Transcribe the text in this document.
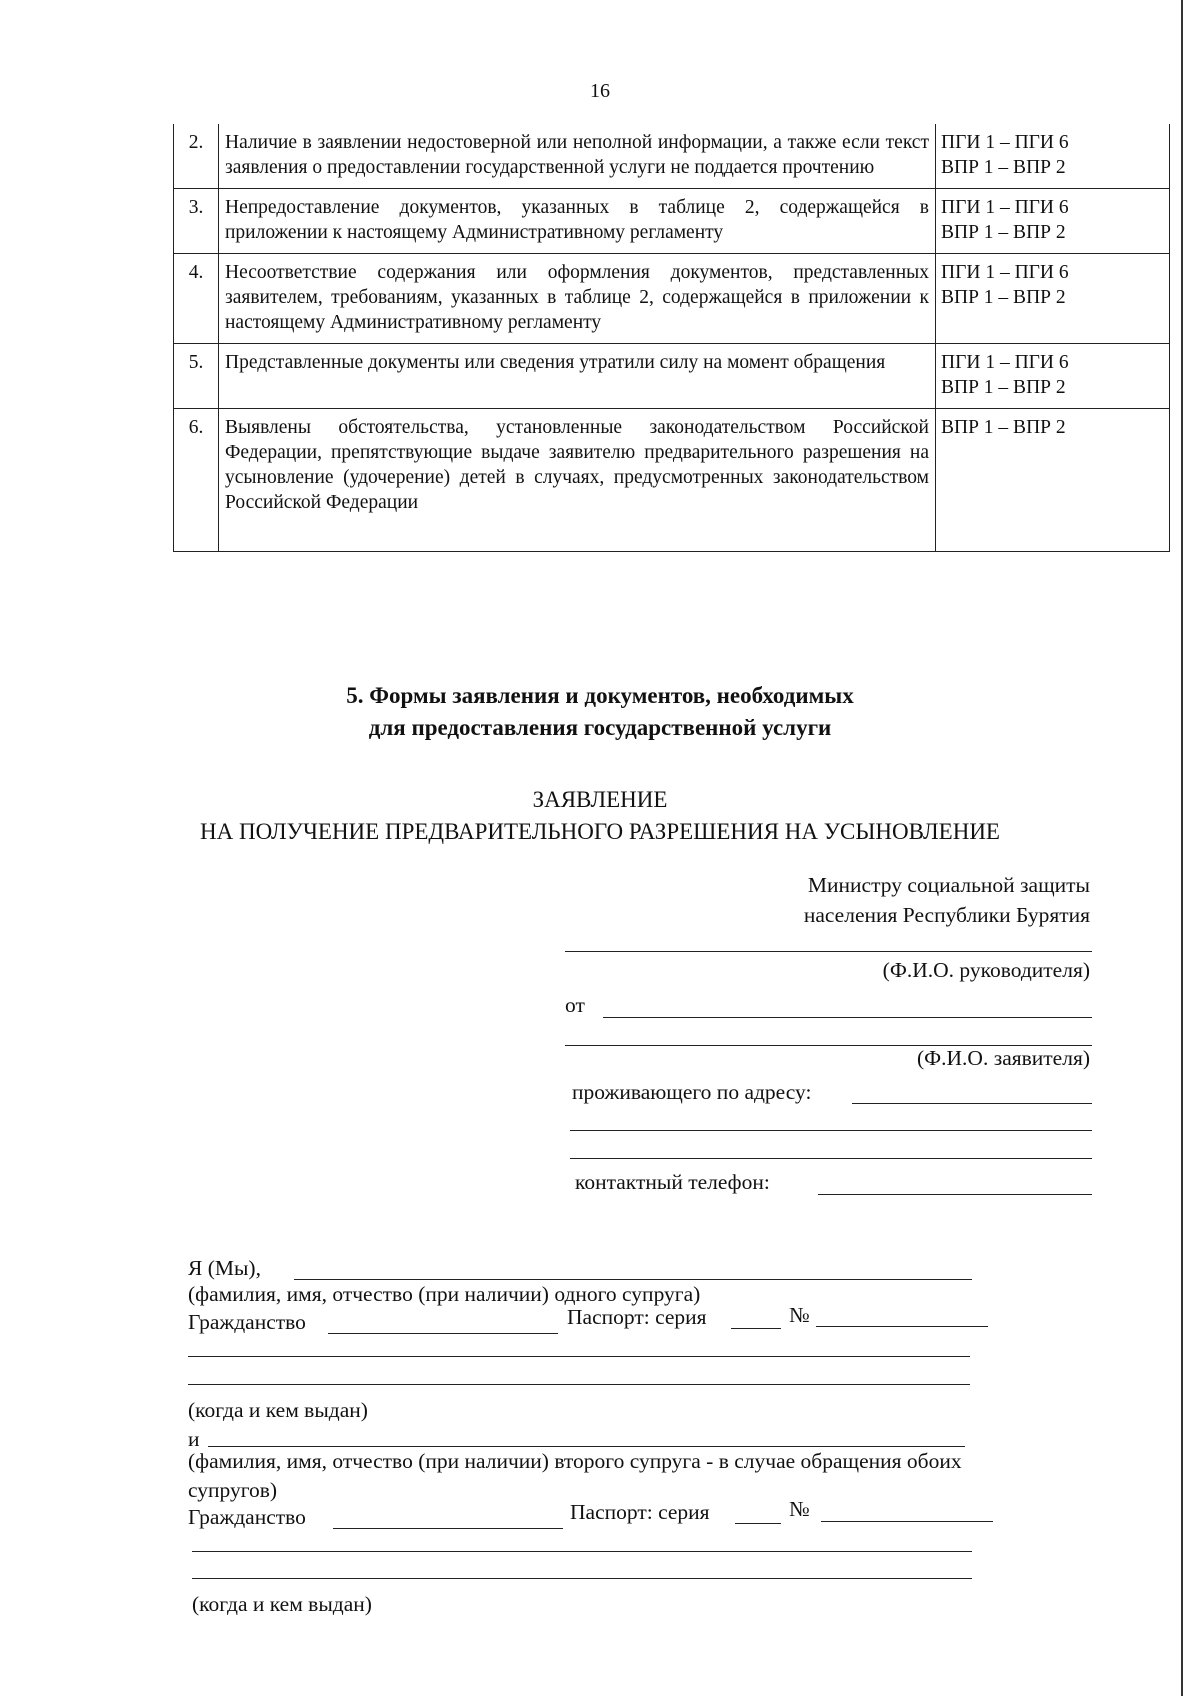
16
2.	Наличие в заявлении недостоверной или неполной информации, а также если текст заявления о предоставлении государственной услуги не поддается прочтению	ПГИ 1 – ПГИ 6
ВПР 1 – ВПР 2

3.	Непредоставление документов, указанных в таблице 2, содержащейся в приложении к настоящему Административному регламенту	ПГИ 1 – ПГИ 6
ВПР 1 – ВПР 2

4.	Несоответствие содержания или оформления документов, представленных заявителем, требованиям, указанных в таблице 2, содержащейся в приложении к настоящему Административному регламенту	ПГИ 1 – ПГИ 6
ВПР 1 – ВПР 2

5.	Представленные документы или сведения утратили силу на момент обращения	ПГИ 1 – ПГИ 6
ВПР 1 – ВПР 2

6.	Выявлены обстоятельства, установленные законодательством Российской Федерации, препятствующие выдаче заявителю предварительного разрешения на усыновление (удочерение) детей в случаях, предусмотренных законодательством Российской Федерации	ВПР 1 – ВПР 2
5. Формы заявления и документов, необходимых
для предоставления государственной услуги
ЗАЯВЛЕНИЕ
НА ПОЛУЧЕНИЕ ПРЕДВАРИТЕЛЬНОГО РАЗРЕШЕНИЯ НА УСЫНОВЛЕНИЕ
Министру социальной защиты
населения Республики Бурятия
(Ф.И.О. руководителя)
от
(Ф.И.О. заявителя)
проживающего по адресу:
контактный телефон:
Я (Мы),
(фамилия, имя, отчество (при наличии) одного супруга)
Гражданство	Паспорт: серия	№
(когда и кем выдан)
и
(фамилия, имя, отчество (при наличии) второго супруга - в случае обращения обоих
супругов)
Гражданство	Паспорт: серия	№
(когда и кем выдан)
